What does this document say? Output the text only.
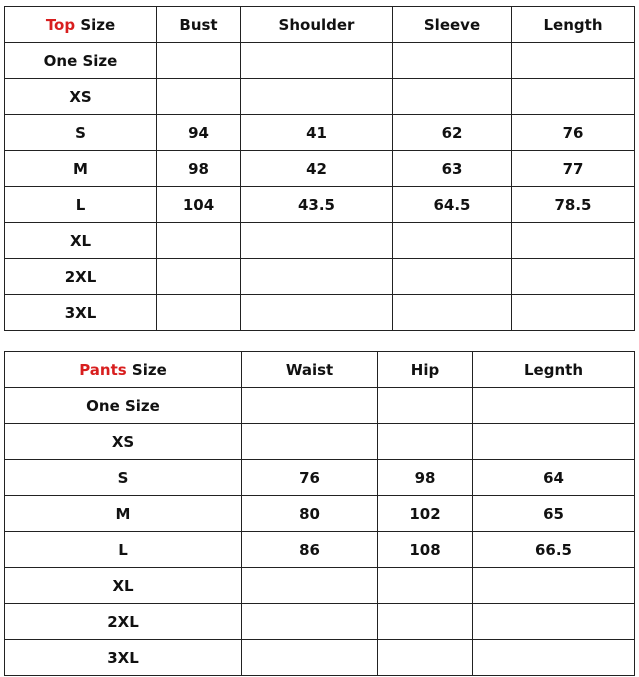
Top Size	Bust	Shoulder	Sleeve	Length
One Size				
XS				
S	94	41	62	76
M	98	42	63	77
L	104	43.5	64.5	78.5
XL				
2XL				
3XL				
Pants Size	Waist	Hip	Legnth
One Size			
XS			
S	76	98	64
M	80	102	65
L	86	108	66.5
XL			
2XL			
3XL			
